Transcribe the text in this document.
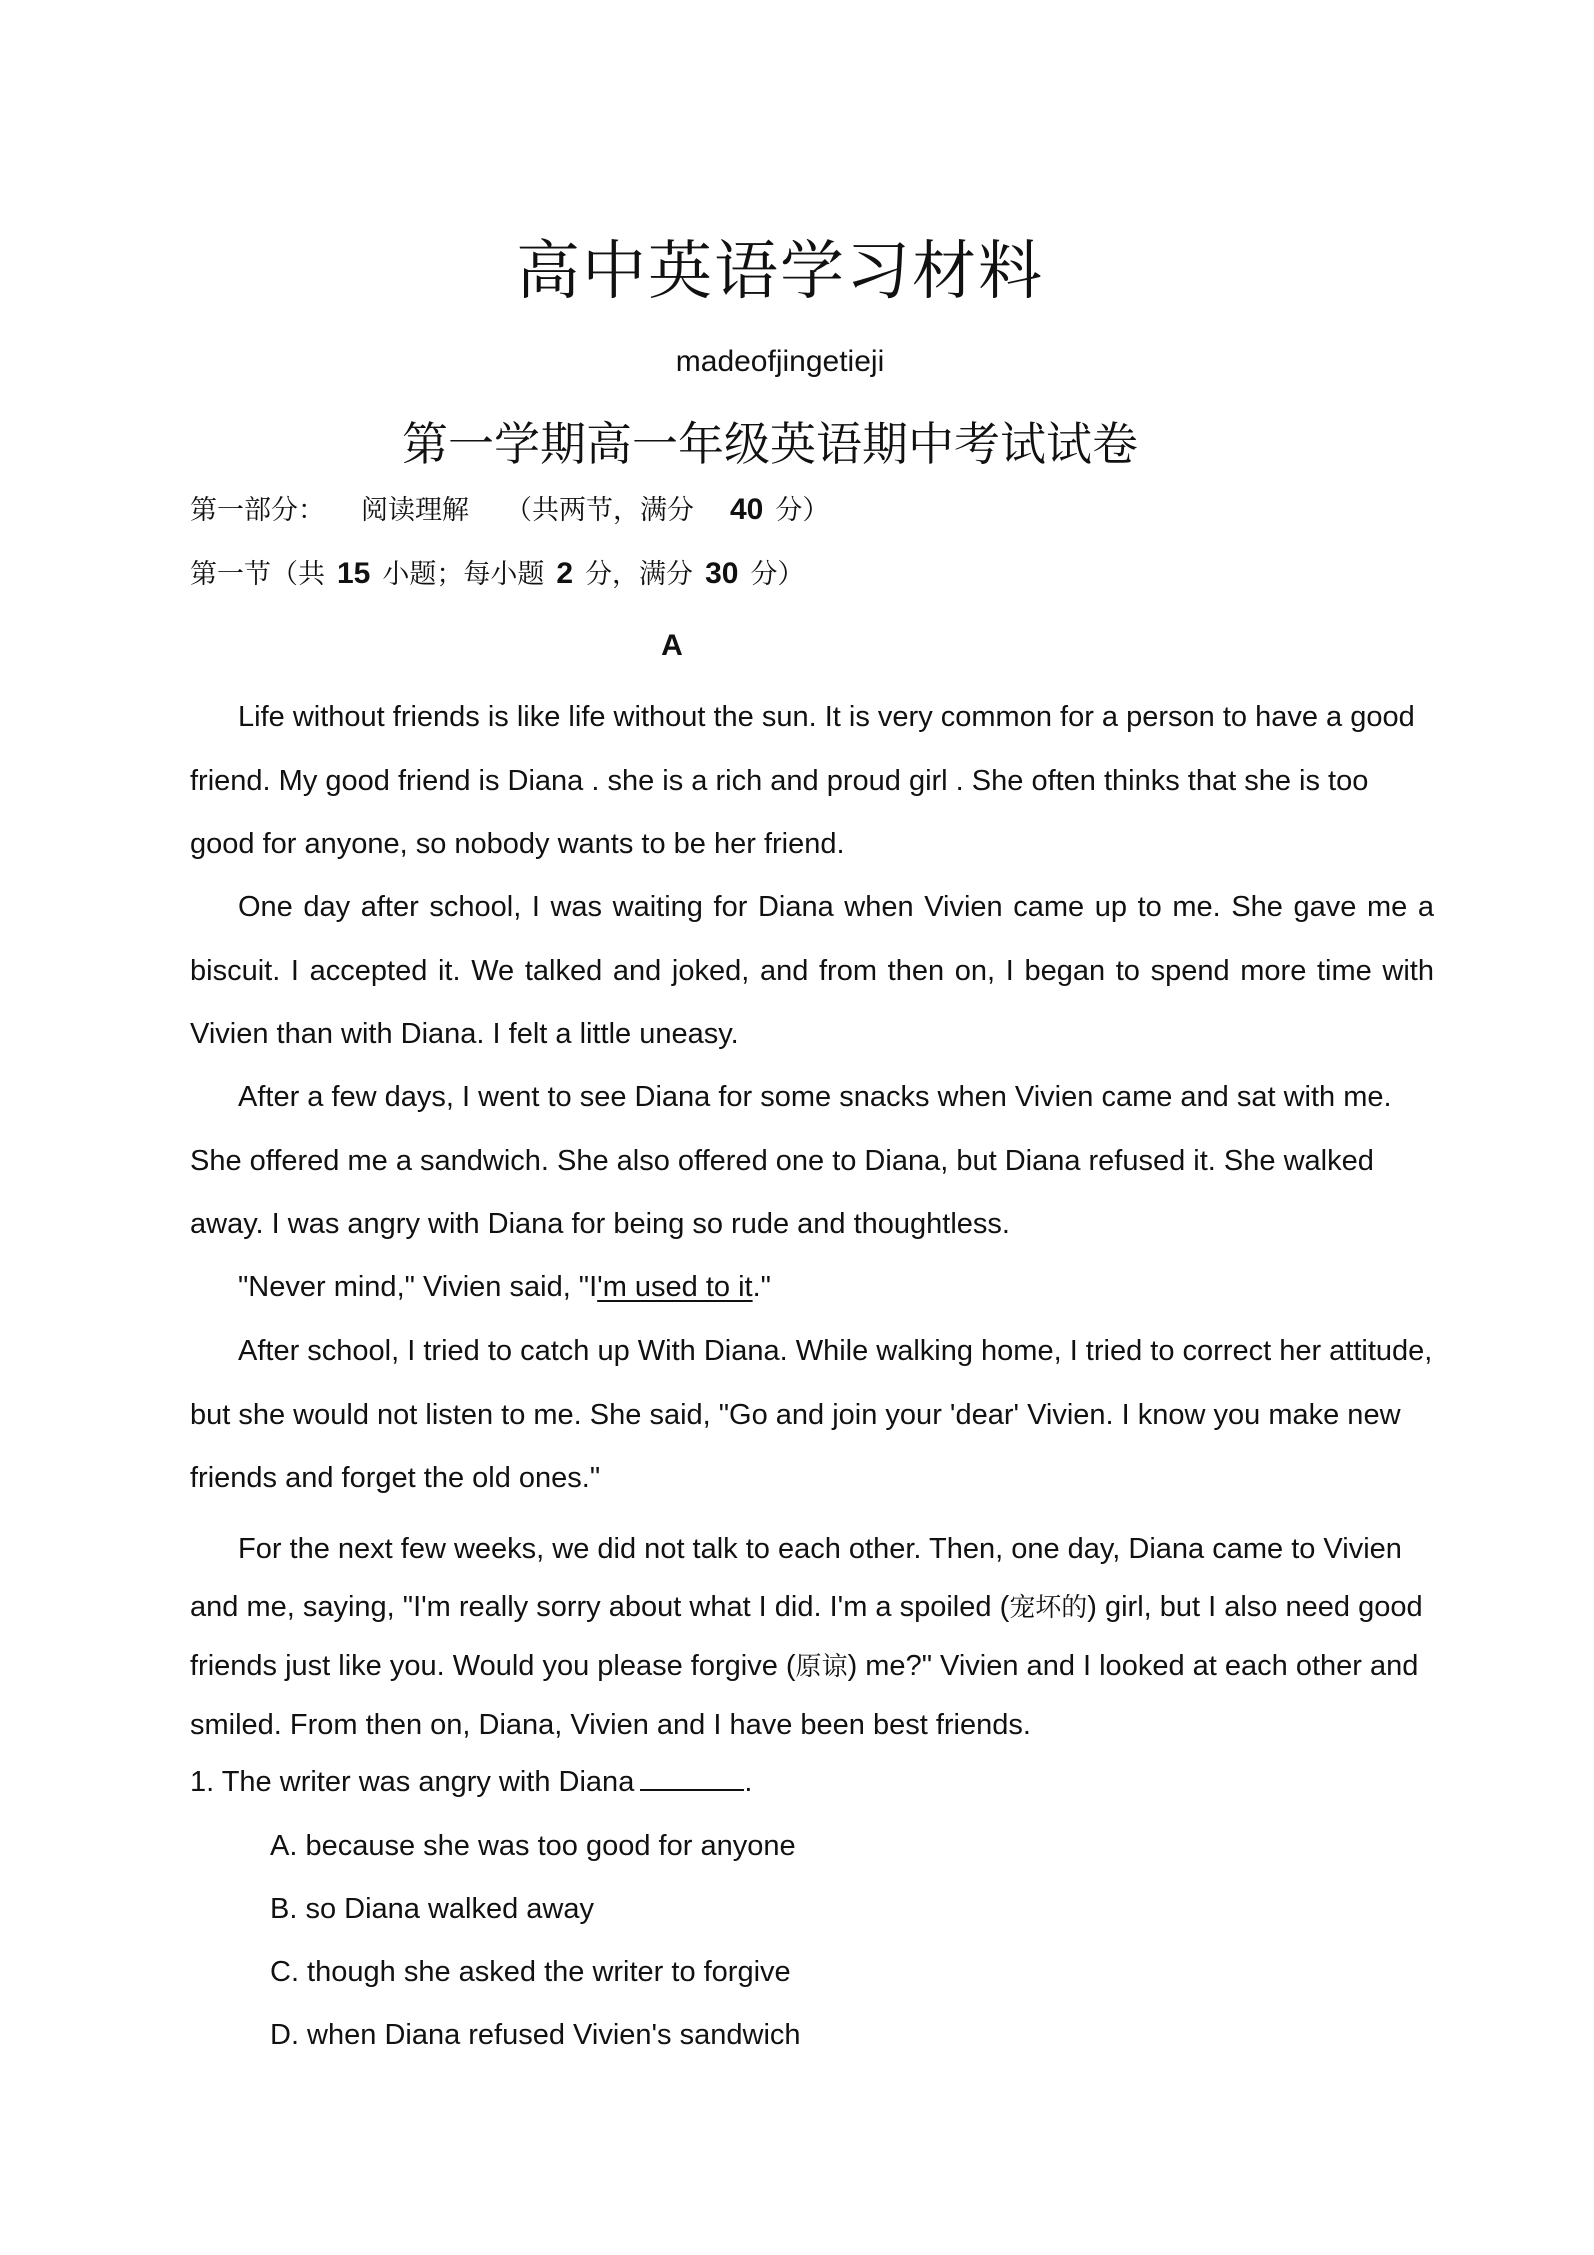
高中英语学习材料
madeofjingetieji
第一学期高一年级英语期中考试试卷
第一部分： 阅读理解 （共两节，满分 40 分）
第一节（共 15 小题；每小题 2 分，满分 30 分）
A

Life without friends is like life without the sun. It is very common for a person to have a good friend. My good friend is Diana . she is a rich and proud girl . She often thinks that she is too good for anyone, so nobody wants to be her friend.

One day after school, I was waiting for Diana when Vivien came up to me. She gave me a biscuit. I accepted it. We talked and joked, and from then on, I began to spend more time with Vivien than with Diana. I felt a little uneasy.

After a few days, I went to see Diana for some snacks when Vivien came and sat with me. She offered me a sandwich. She also offered one to Diana, but Diana refused it. She walked away. I was angry with Diana for being so rude and thoughtless.

"Never mind," Vivien said, "I'm used to it."

After school, I tried to catch up With Diana. While walking home, I tried to correct her attitude, but she would not listen to me. She said, "Go and join your 'dear' Vivien. I know you make new friends and forget the old ones."

For the next few weeks, we did not talk to each other. Then, one day, Diana came to Vivien and me, saying, "I'm really sorry about what I did. I'm a spoiled (宠坏的) girl, but I also need good friends just like you. Would you please forgive (原谅) me?" Vivien and I looked at each other and smiled. From then on, Diana, Vivien and I have been best friends.

1. The writer was angry with Diana	.
A. because she was too good for anyone
B. so Diana walked away
C. though she asked the writer to forgive
D. when Diana refused Vivien's sandwich
